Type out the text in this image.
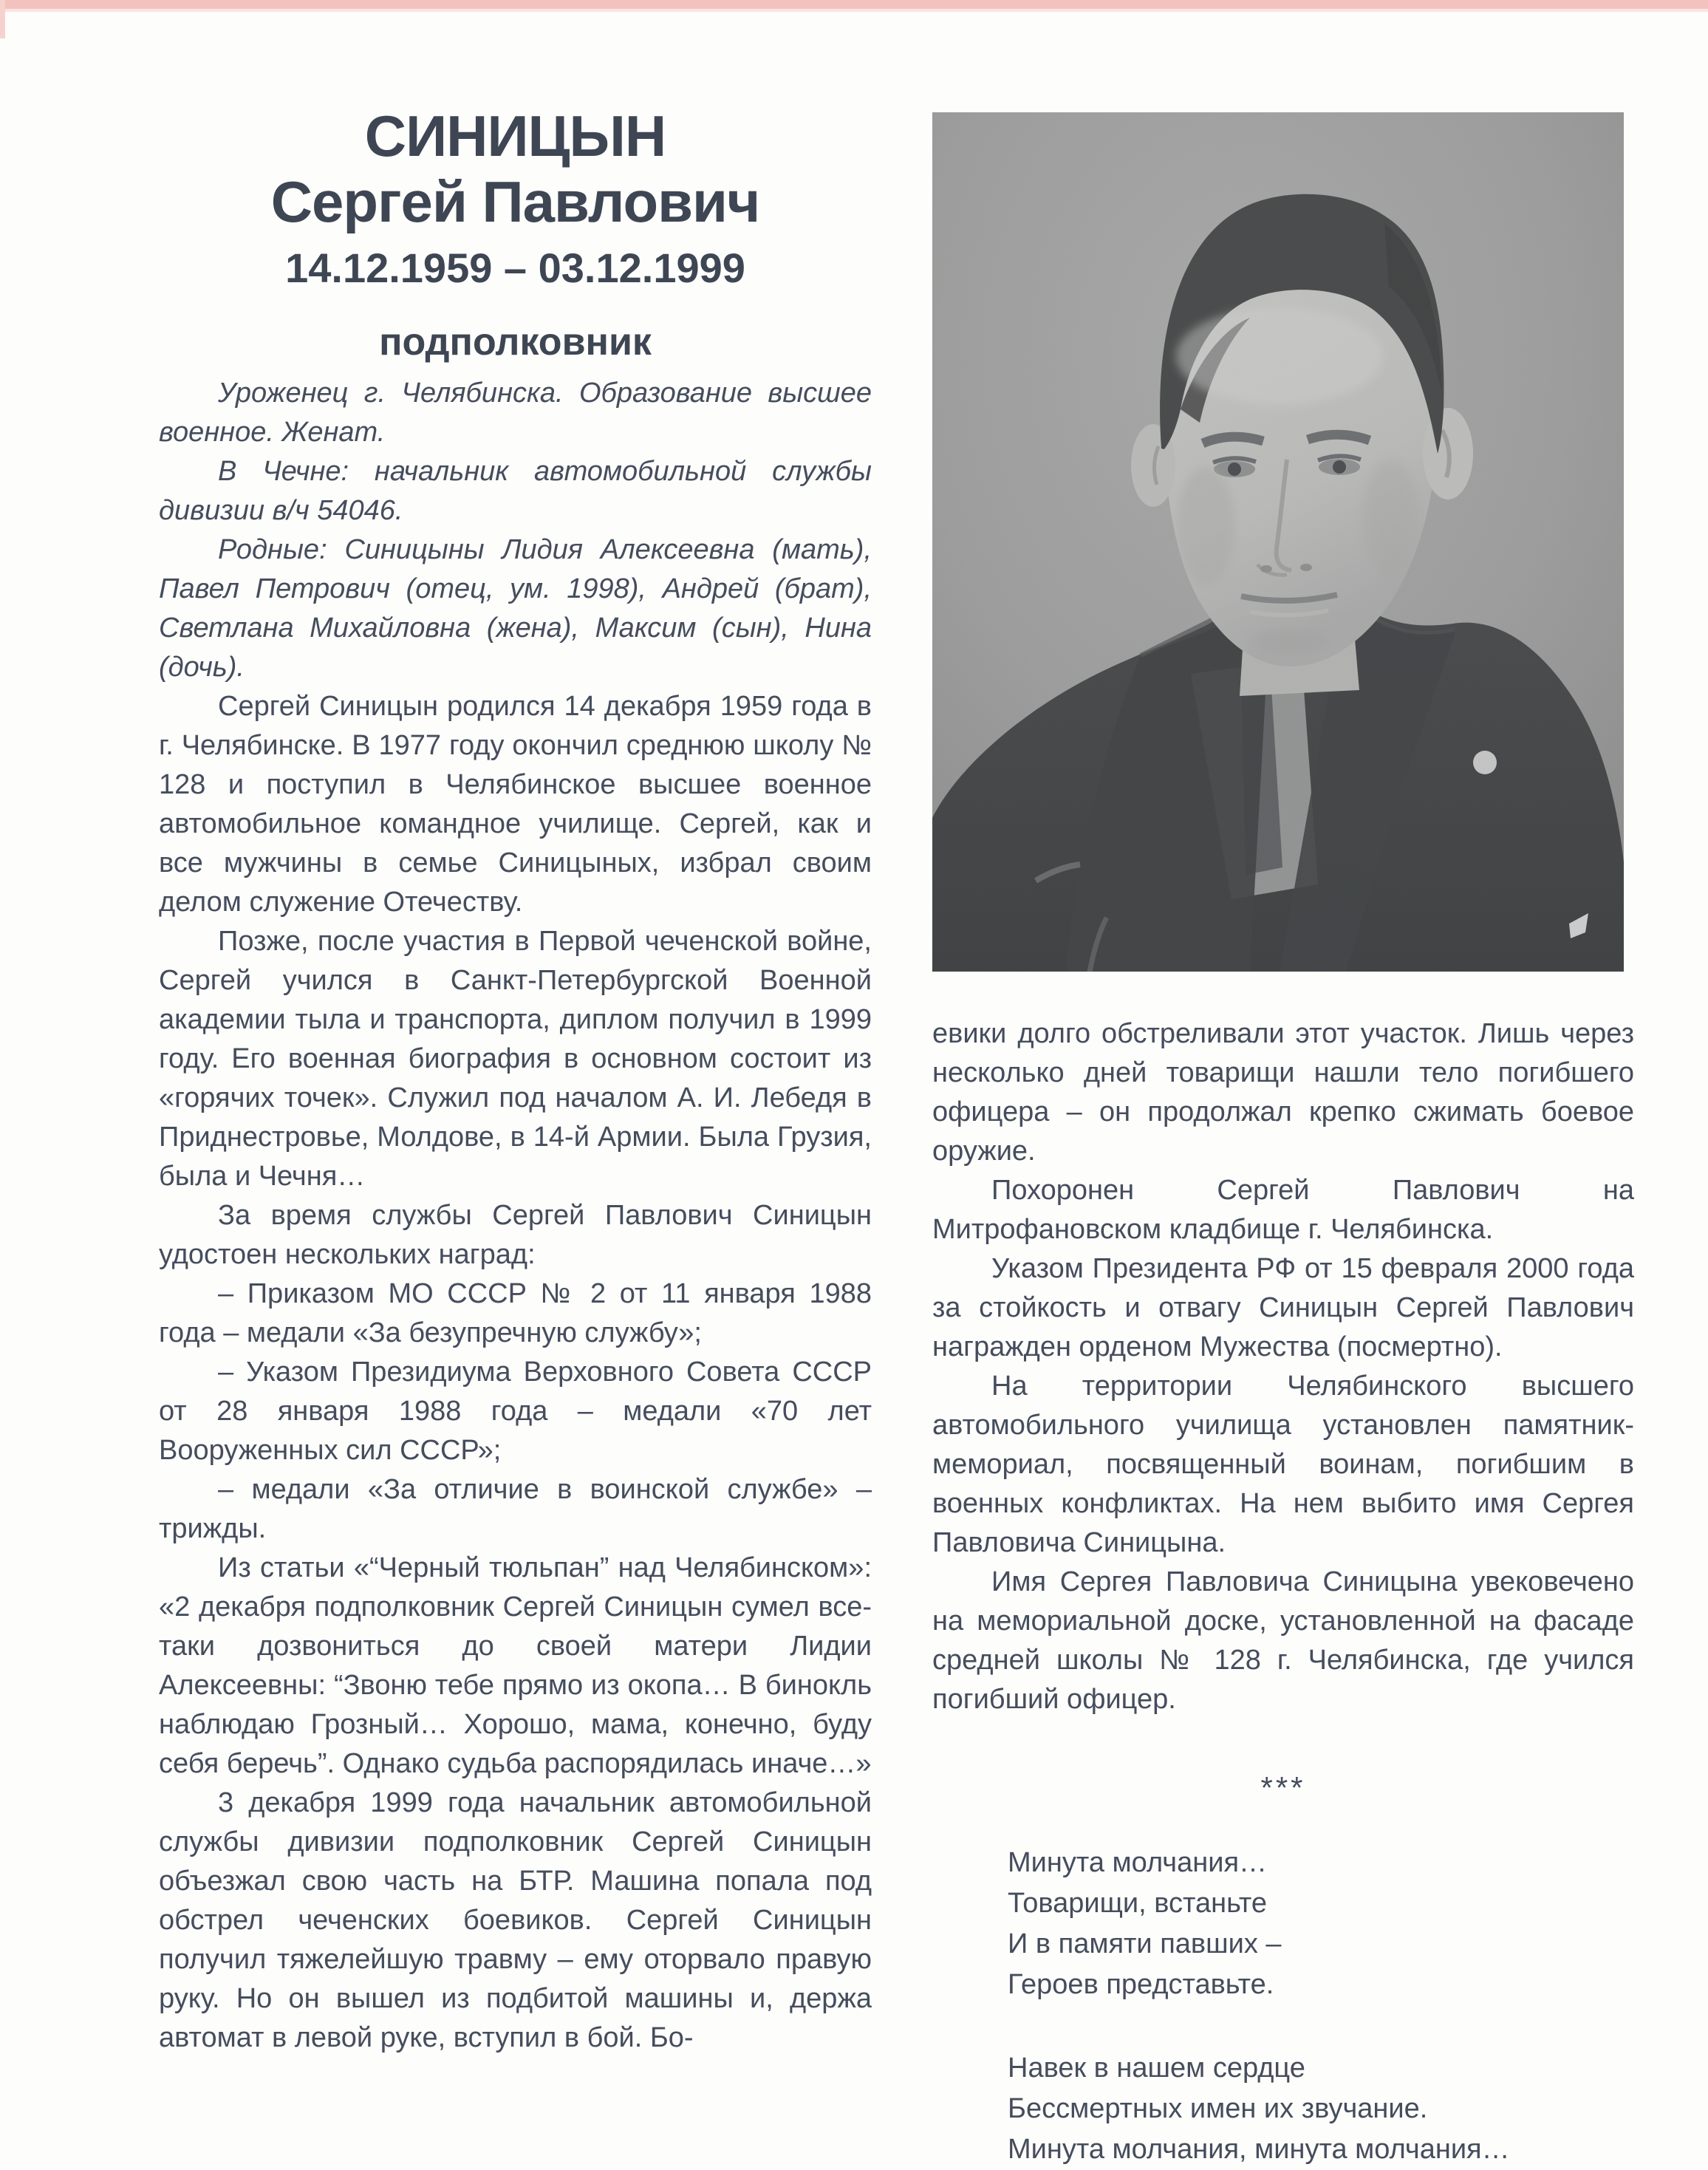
СИНИЦЫН
Сергей Павлович
14.12.1959 – 03.12.1999
подполковник

Уроженец г. Челябинска. Образование высшее военное. Женат.

В Чечне: начальник автомобильной службы дивизии в/ч 54046.

Родные: Синицыны Лидия Алексеевна (мать), Павел Петрович (отец, ум. 1998), Андрей (брат), Светлана Михайловна (жена), Максим (сын), Нина (дочь).

Сергей Синицын родился 14 декабря 1959 года в г. Челябинске. В 1977 году окончил среднюю школу № 128 и поступил в Челябинское высшее военное автомобильное командное училище. Сергей, как и все мужчины в семье Синицыных, избрал своим делом служение Отечеству.

Позже, после участия в Первой чеченской войне, Сергей учился в Санкт-Петербургской Военной академии тыла и транспорта, диплом получил в 1999 году. Его военная биография в основном состоит из «горячих точек». Служил под началом А. И. Лебедя в Приднестровье, Молдове, в 14-й Армии. Была Грузия, была и Чечня…

За время службы Сергей Павлович Синицын удостоен нескольких наград:

– Приказом МО СССР № 2 от 11 января 1988 года – медали «За безупречную службу»;

– Указом Президиума Верховного Совета СССР от 28 января 1988 года – медали «70 лет Вооруженных сил СССР»;

– медали «За отличие в воинской службе» – трижды.

Из статьи «“Черный тюльпан” над Челябинском»: «2 декабря подполковник Сергей Синицын сумел все-таки дозвониться до своей матери Лидии Алексеевны: “Звоню тебе прямо из окопа… В бинокль наблюдаю Грозный… Хорошо, мама, конечно, буду себя беречь”. Однако судьба распорядилась иначе…»

3 декабря 1999 года начальник автомобильной службы дивизии подполковник Сергей Синицын объезжал свою часть на БТР. Машина попала под обстрел чеченских боевиков. Сергей Синицын получил тяжелейшую травму – ему оторвало правую руку. Но он вышел из подбитой машины и, держа автомат в левой руке, вступил в бой. Бо-

евики долго обстреливали этот участок. Лишь через несколько дней товарищи нашли тело погибшего офицера – он продолжал крепко сжимать боевое оружие.

Похоронен Сергей Павлович на Митрофановском кладбище г. Челябинска.

Указом Президента РФ от 15 февраля 2000 года за стойкость и отвагу Синицын Сергей Павлович награжден орденом Мужества (посмертно).

На территории Челябинского высшего автомобильного училища установлен памятник-мемориал, посвященный воинам, погибшим в военных конфликтах. На нем выбито имя Сергея Павловича Синицына.

Имя Сергея Павловича Синицына увековечено на мемориальной доске, установленной на фасаде средней школы № 128 г. Челябинска, где учился погибший офицер.

***
Минута молчания…
Товарищи, встаньте
И в памяти павших –
Героев представьте.
Навек в нашем сердце
Бессмертных имен их звучание.
Минута молчания, минута молчания…
